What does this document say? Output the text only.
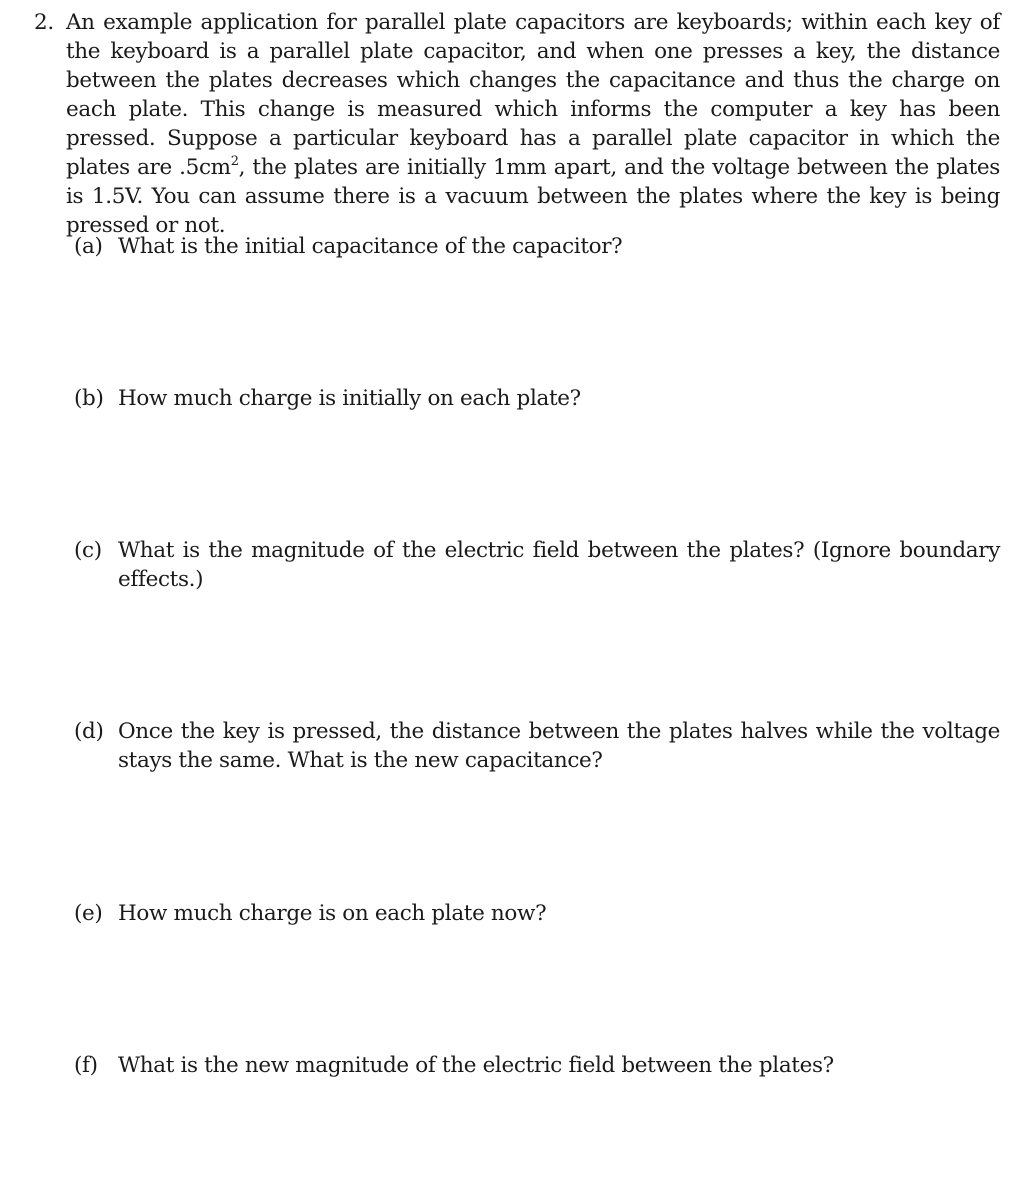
2. An example application for parallel plate capacitors are keyboards; within each key of the keyboard is a parallel plate capacitor, and when one presses a key, the distance between the plates decreases which changes the capacitance and thus the charge on each plate. This change is measured which informs the computer a key has been pressed. Suppose a particular keyboard has a parallel plate capacitor in which the plates are $.5cm^2$, the plates are initially 1mm apart, and the voltage between the plates is 1.5V. You can assume there is a vacuum between the plates where the key is being pressed or not.
(a) What is the initial capacitance of the capacitor?
(b) How much charge is initially on each plate?
(c) What is the magnitude of the electric field between the plates? (Ignore boundary effects.)
(d) Once the key is pressed, the distance between the plates halves while the voltage stays the same. What is the new capacitance?
(e) How much charge is on each plate now?
(f) What is the new magnitude of the electric field between the plates?
